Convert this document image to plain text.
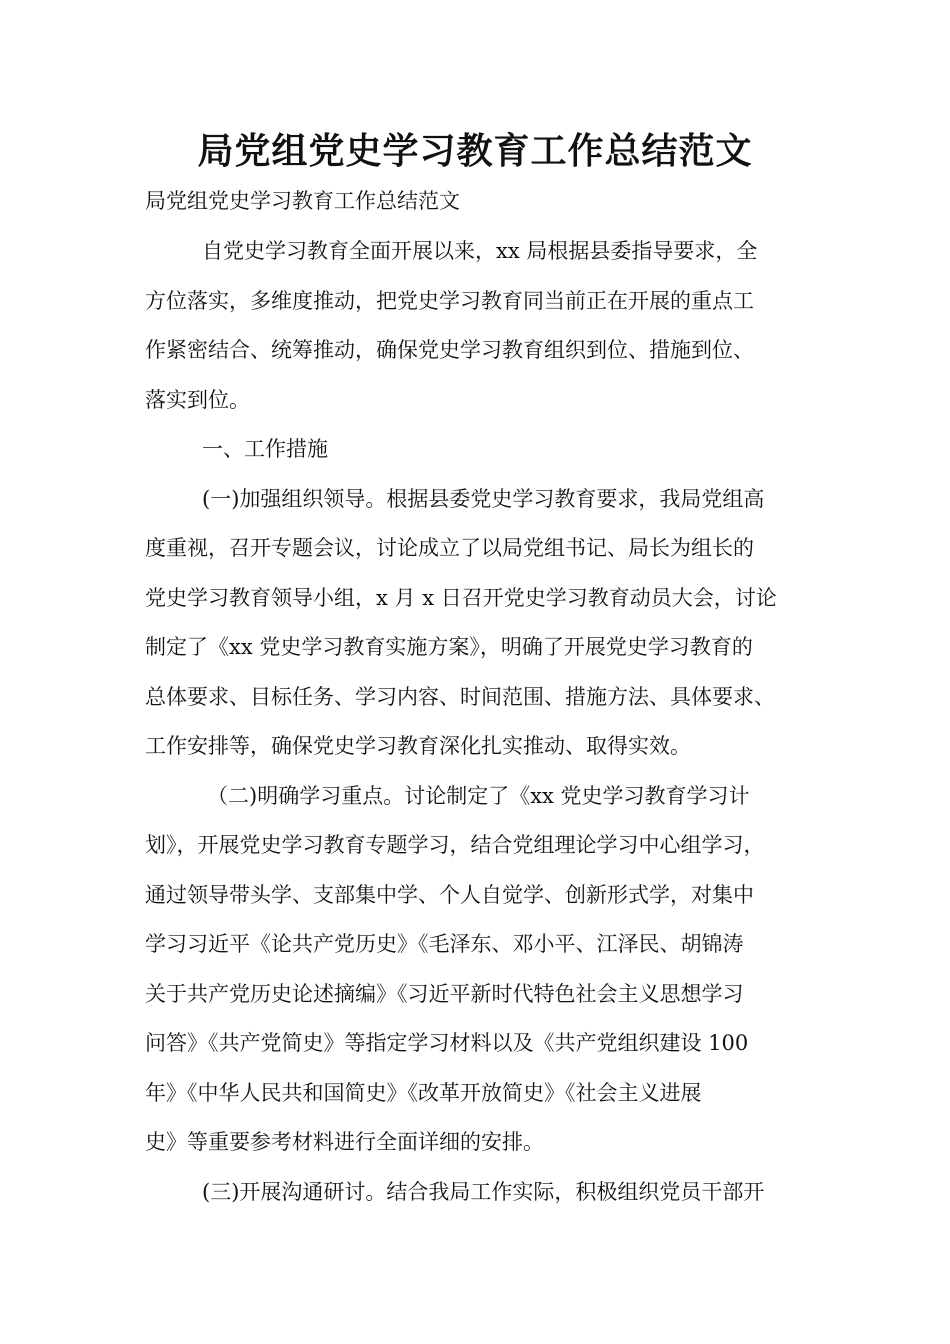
局党组党史学习教育工作总结范文

局党组党史学习教育工作总结范文

自党史学习教育全面开展以来，xx 局根据县委指导要求，全

方位落实，多维度推动，把党史学习教育同当前正在开展的重点工

作紧密结合、统筹推动，确保党史学习教育组织到位、措施到位、

落实到位。

一、工作措施

(一)加强组织领导。根据县委党史学习教育要求，我局党组高

度重视，召开专题会议，讨论成立了以局党组书记、局长为组长的

党史学习教育领导小组，x 月 x 日召开党史学习教育动员大会，讨论

制定了《xx 党史学习教育实施方案》，明确了开展党史学习教育的

总体要求、目标任务、学习内容、时间范围、措施方法、具体要求、

工作安排等，确保党史学习教育深化扎实推动、取得实效。

（二)明确学习重点。讨论制定了《xx 党史学习教育学习计

划》，开展党史学习教育专题学习，结合党组理论学习中心组学习，

通过领导带头学、支部集中学、个人自觉学、创新形式学，对集中

学习习近平《论共产党历史》《毛泽东、邓小平、江泽民、胡锦涛

关于共产党历史论述摘编》《习近平新时代特色社会主义思想学习

问答》《共产党简史》等指定学习材料以及《共产党组织建设 100

年》《中华人民共和国简史》《改革开放简史》《社会主义进展

史》等重要参考材料进行全面详细的安排。

(三)开展沟通研讨。结合我局工作实际，积极组织党员干部开
